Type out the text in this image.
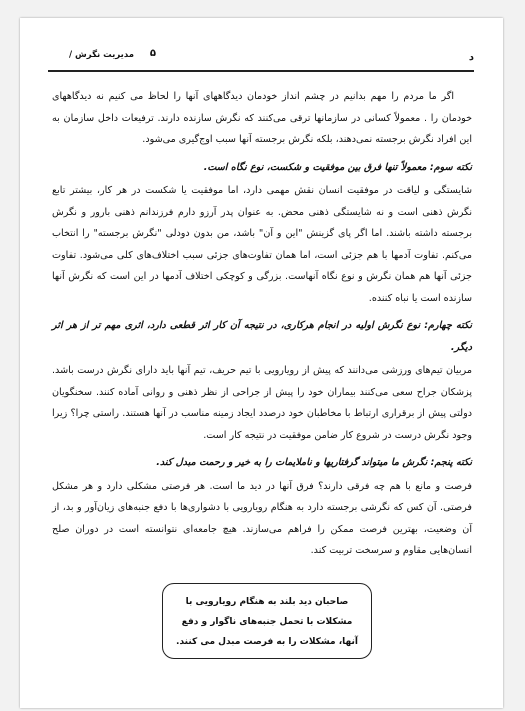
د
مدیریت نگرش/	۵

اگر ما مردم را مهم بدانیم در چشم انداز خودمان دیدگاههای آنها را لحاظ می کنیم نه دیدگاههای خودمان را . معمولاً کسانی در سازمانها ترقی می‌کنند که نگرش سازنده دارند. ترفیعات داخل سازمان به این افراد نگرش برجسته نمی‌دهند، بلکه نگرش برجسته آنها سبب اوج‌گیری می‌شود.

نکته سوم: معمولاً تنها فرق بین موفقیت و شکست، نوع نگاه است.

شایستگی و لیاقت در موفقیت انسان نقش مهمی دارد، اما موفقیت یا شکست در هر کار، بیشتر تابع نگرش ذهنی است و نه شایستگی ذهنی محض. به عنوان پدر آرزو دارم فرزندانم ذهنی بارور و نگرش برجسته داشته باشند. اما اگر پای گزینش "این و آن" باشد، من بدون دودلی "نگرش برجسته" را انتخاب می‌کنم. تفاوت آدمها با هم جزئی است، اما همان تفاوت‌های جزئی سبب اختلاف‌های کلی می‌شود. تفاوت جزئی آنها هم همان نگرش و نوع نگاه آنهاست. بزرگی و کوچکی اختلاف آدمها در این است که نگرش آنها سازنده است یا نباه کننده.

نکته چهارم: نوع نگرش اولیه در انجام هرکاری، در نتیجه آن کار اثر قطعی دارد، اثری مهم تر از هر اثر دیگر.

مربیان تیم‌های ورزشی می‌دانند که پیش از رویارویی با تیم حریف، تیم آنها باید دارای نگرش درست باشد. پزشکان جراح سعی می‌کنند بیماران خود را پیش از جراحی از نظر ذهنی و روانی آماده کنند. سخنگویان دولتی پیش از برقراری ارتباط با مخاطبان خود درصدد ایجاد زمینه مناسب در آنها هستند. راستی چرا؟ زیرا وجود نگرش درست در شروع کار ضامن موفقیت در نتیجه کار است.

نکته پنجم: نگرش ما میتواند گرفتاریها و ناملایمات را به خیر و رحمت مبدل کند.

فرصت و مانع با هم چه فرقی دارند؟ فرق آنها در دید ما است. هر فرصتی مشکلی دارد و هر مشکل فرصتی. آن کس که نگرشی برجسته دارد به هنگام رویارویی با دشواری‌ها با دفع جنبه‌های زیان‌آور و بد، از آن وضعیت، بهترین فرصت ممکن را فراهم می‌سازند. هیچ جامعه‌ای نتوانسته است در دوران صلح انسان‌هایی مقاوم و سرسخت تربیت کند.

صاحبان دید بلند به هنگام رویارویی با مشکلات با تحمل جنبه‌های ناگوار و دفع آنها، مشکلات را به فرصت مبدل می کنند.
